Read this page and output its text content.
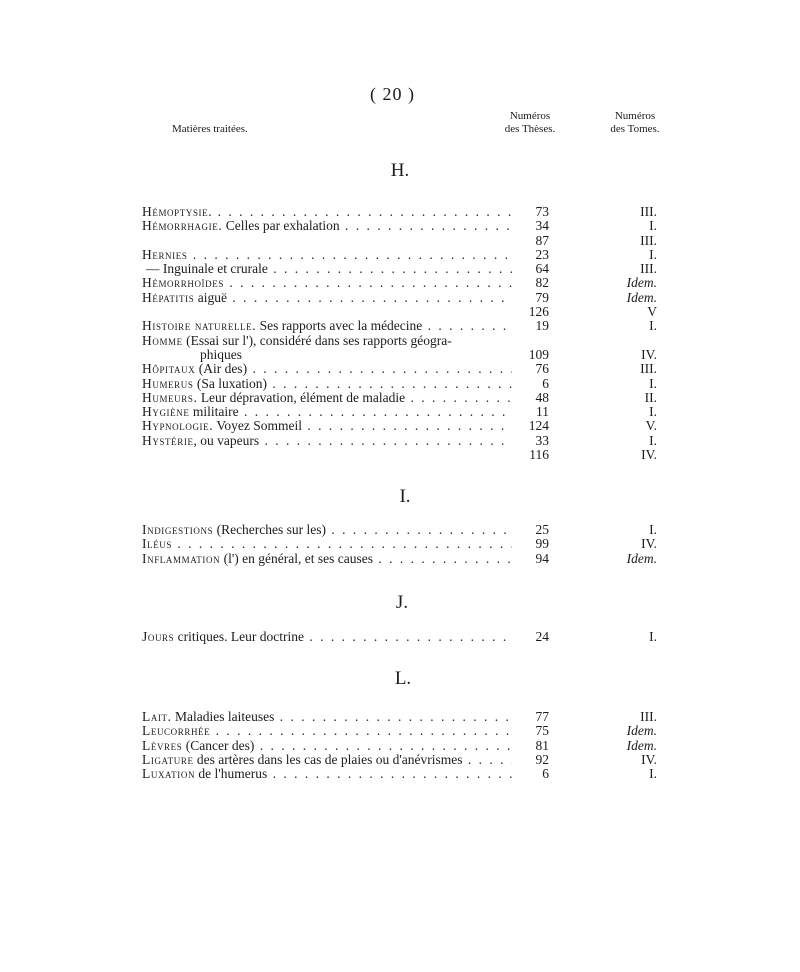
( 20 )
Matières traitées.
Numéros
des Thèses.
Numéros
des Tomes.
H.
Hémoptysie. . . .	73	III.
Hémorrhagie. Celles par exhalation . . .	34	I.
87	III.
Hernies . . .	23	I.
— Inguinale et crurale . . .	64	III.
Hémorrhoïdes . . .	82	Idem.
Hépatitis aiguë . . .	79	Idem.
126	V
Histoire naturelle. Ses rapports avec la médecine . . .	19	I.
Homme (Essai sur l'), considéré dans ses rapports géogra-
phiques	109	IV.
Hôpitaux (Air des) . . .	76	III.
Humerus (Sa luxation) . . .	6	I.
Humeurs. Leur dépravation, élément de maladie . . .	48	II.
Hygiène militaire . . .	11	I.
Hypnologie. Voyez Sommeil . . .	124	V.
Hystérie, ou vapeurs . . .	33	I.
116	IV.
I.
Indigestions (Recherches sur les) . . .	25	I.
Iléus . . .	99	IV.
Inflammation (l') en général, et ses causes . . .	94	Idem.
J.
Jours critiques. Leur doctrine . . .	24	I.
L.
Lait. Maladies laiteuses . . .	77	III.
Leucorrhée . . .	75	Idem.
Lèvres (Cancer des) . . .	81	Idem.
Ligature des artères dans les cas de plaies ou d'anévrismes . . .	92	IV.
Luxation de l'humerus . . .	6	I.
